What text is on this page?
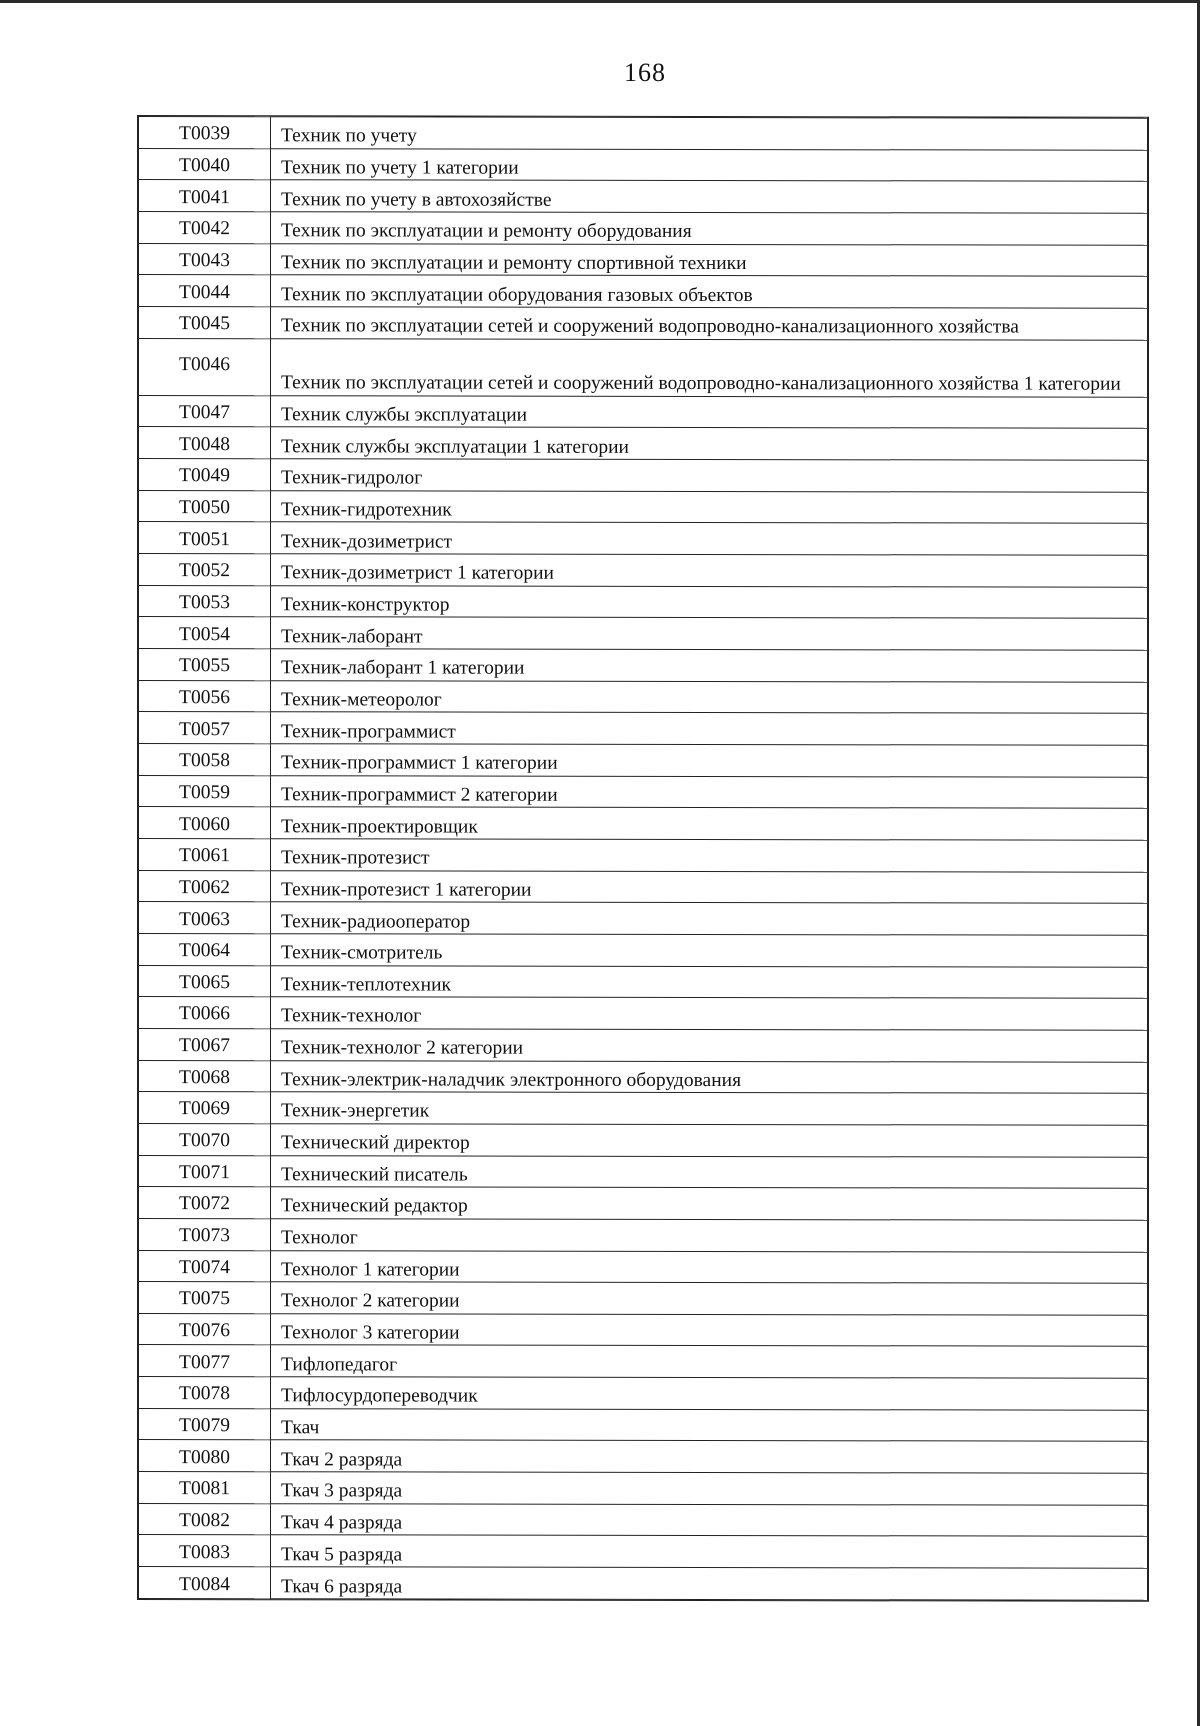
168
Т0039	Техник по учету
Т0040	Техник по учету 1 категории
Т0041	Техник по учету в автохозяйстве
Т0042	Техник по эксплуатации и ремонту оборудования
Т0043	Техник по эксплуатации и ремонту спортивной техники
Т0044	Техник по эксплуатации оборудования газовых объектов
Т0045	Техник по эксплуатации сетей и сооружений водопроводно-канализационного хозяйства
Т0046	Техник по эксплуатации сетей и сооружений водопроводно-канализационного хозяйства 1 категории
Т0047	Техник службы эксплуатации
Т0048	Техник службы эксплуатации 1 категории
Т0049	Техник-гидролог
Т0050	Техник-гидротехник
Т0051	Техник-дозиметрист
Т0052	Техник-дозиметрист 1 категории
Т0053	Техник-конструктор
Т0054	Техник-лаборант
Т0055	Техник-лаборант 1 категории
Т0056	Техник-метеоролог
Т0057	Техник-программист
Т0058	Техник-программист 1 категории
Т0059	Техник-программист 2 категории
Т0060	Техник-проектировщик
Т0061	Техник-протезист
Т0062	Техник-протезист 1 категории
Т0063	Техник-радиооператор
Т0064	Техник-смотритель
Т0065	Техник-теплотехник
Т0066	Техник-технолог
Т0067	Техник-технолог 2 категории
Т0068	Техник-электрик-наладчик электронного оборудования
Т0069	Техник-энергетик
Т0070	Технический директор
Т0071	Технический писатель
Т0072	Технический редактор
Т0073	Технолог
Т0074	Технолог 1 категории
Т0075	Технолог 2 категории
Т0076	Технолог 3 категории
Т0077	Тифлопедагог
Т0078	Тифлосурдопереводчик
Т0079	Ткач
Т0080	Ткач 2 разряда
Т0081	Ткач 3 разряда
Т0082	Ткач 4 разряда
Т0083	Ткач 5 разряда
Т0084	Ткач 6 разряда
